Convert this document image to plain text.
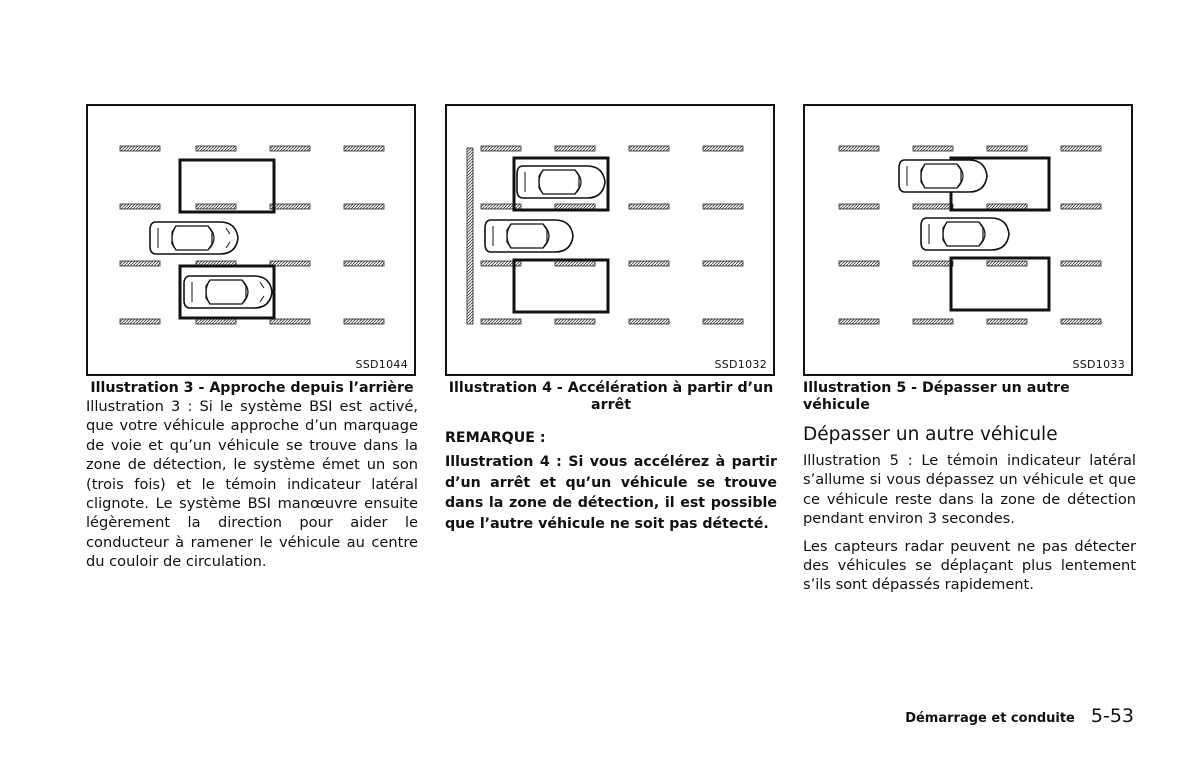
SSD1044	SSD1032	SSD1033
Illustration 3 - Approche depuis l’arrière
Illustration 3 : Si le système BSI est activé, que votre véhicule approche d’un marquage de voie et qu’un véhicule se trouve dans la zone de détection, le système émet un son (trois fois) et le témoin indicateur latéral clignote. Le système BSI manœuvre ensuite légèrement la direction pour aider le conducteur à ramener le véhicule au centre du couloir de circulation.
Illustration 4 - Accélération à partir d’un arrêt
REMARQUE :
Illustration 4 : Si vous accélérez à partir d’un arrêt et qu’un véhicule se trouve dans la zone de détection, il est possible que l’autre véhicule ne soit pas détecté.
Illustration 5 - Dépasser un autre véhicule
Dépasser un autre véhicule
Illustration 5 : Le témoin indicateur latéral s’allume si vous dépassez un véhicule et que ce véhicule reste dans la zone de détection pendant environ 3 secondes.
Les capteurs radar peuvent ne pas détecter des véhicules se déplaçant plus lentement s’ils sont dépassés rapidement.
Démarrage et conduite 5-53
